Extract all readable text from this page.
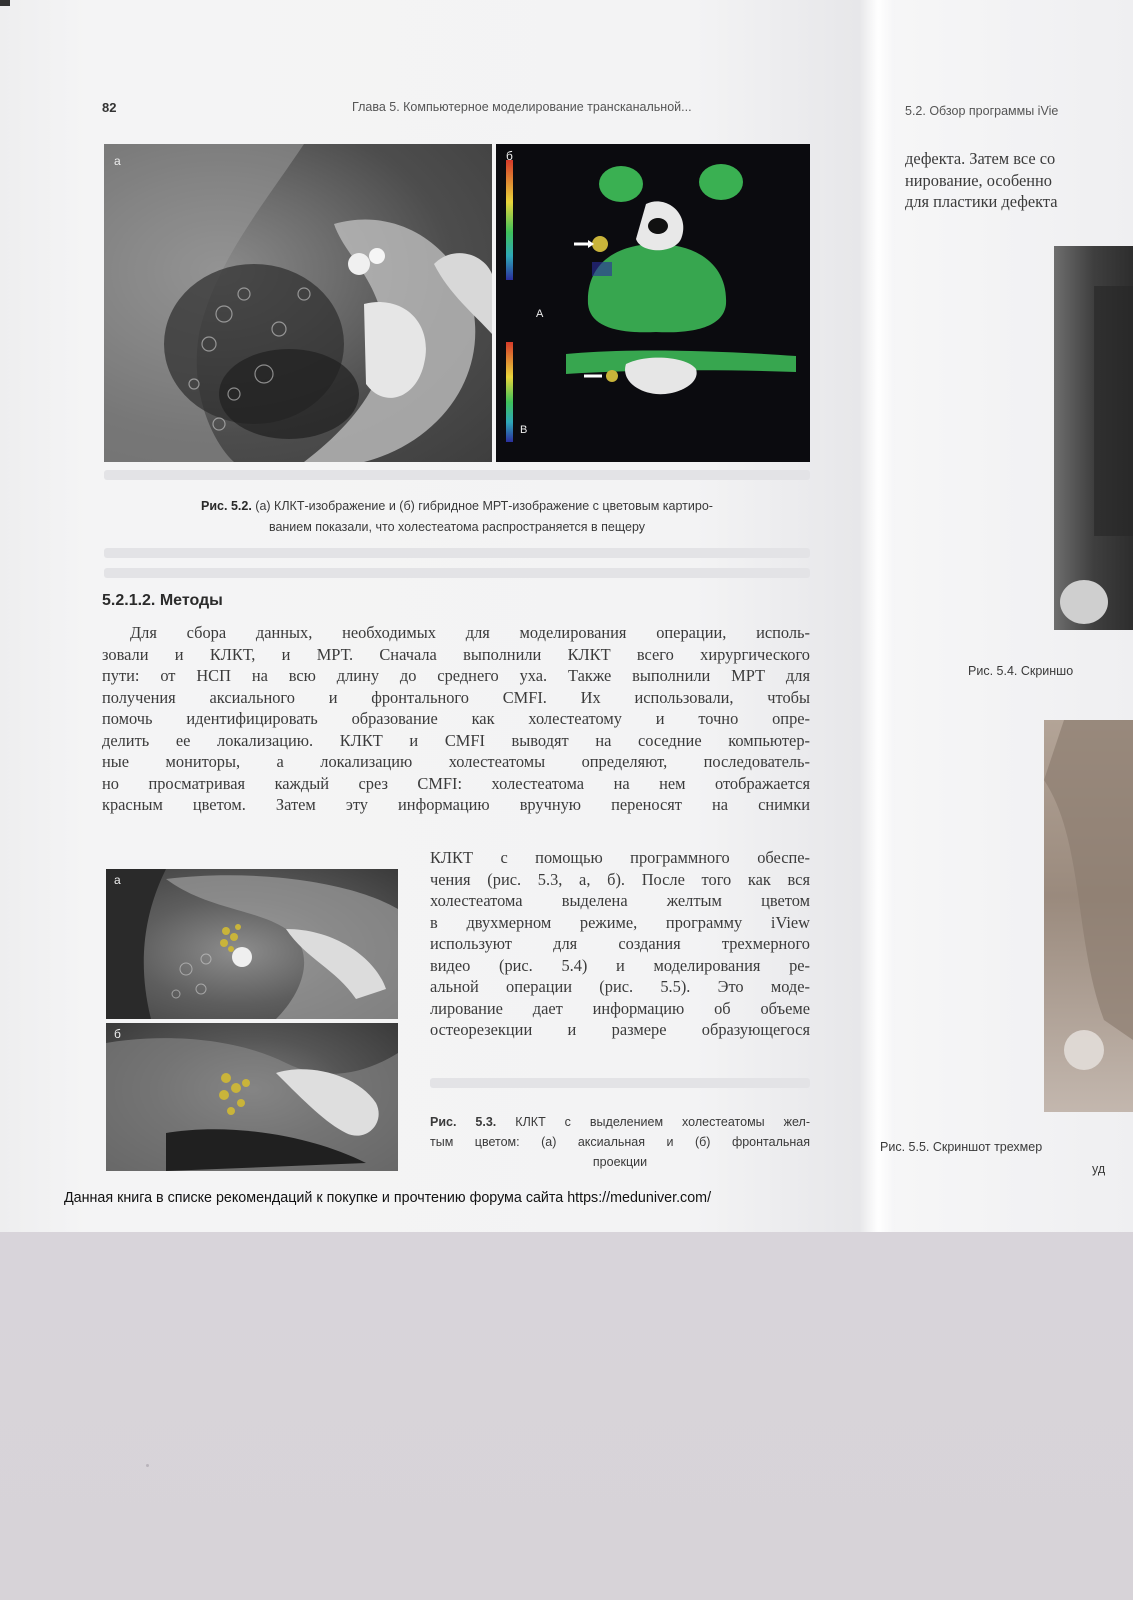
82	Глава 5. Компьютерное моделирование трансканальной...	5.2. Обзор программы iVie
а	б
A
B
Рис. 5.2. (а) КЛКТ-изображение и (б) гибридное МРТ-изображение с цветовым картиро-
ванием показали, что холестеатома распространяется в пещеру
5.2.1.2. Методы
Для сбора данных, необходимых для моделирования операции, исполь-
зовали и КЛКТ, и МРТ. Сначала выполнили КЛКТ всего хирургического
пути: от НСП на всю длину до среднего уха. Также выполнили МРТ для
получения аксиального и фронтального CMFI. Их использовали, чтобы
помочь идентифицировать образование как холестеатому и точно опре-
делить ее локализацию. КЛКТ и CMFI выводят на соседние компьютер-
ные мониторы, а локализацию холестеатомы определяют, последователь-
но просматривая каждый срез CMFI: холестеатома на нем отображается
красным цветом. Затем эту информацию вручную переносят на снимки
КЛКТ с помощью программного обеспе-
чения (рис. 5.3, а, б). После того как вся
холестеатома выделена желтым цветом
в двухмерном режиме, программу iView
используют для создания трехмерного
видео (рис. 5.4) и моделирования ре-
альной операции (рис. 5.5). Это моде-
лирование дает информацию об объеме
остеорезекции и размере образующегося
а
б
Рис. 5.3. КЛКТ с выделением холестеатомы жел-
тым цветом: (а) аксиальная и (б) фронтальная
проекции
Данная книга в списке рекомендаций к покупке и прочтению форума сайта https://meduniver.com/
дефекта. Затем все со
нирование, особенно
для пластики дефекта
Рис. 5.4. Скриншо
Рис. 5.5. Скриншот трехмер
уд
